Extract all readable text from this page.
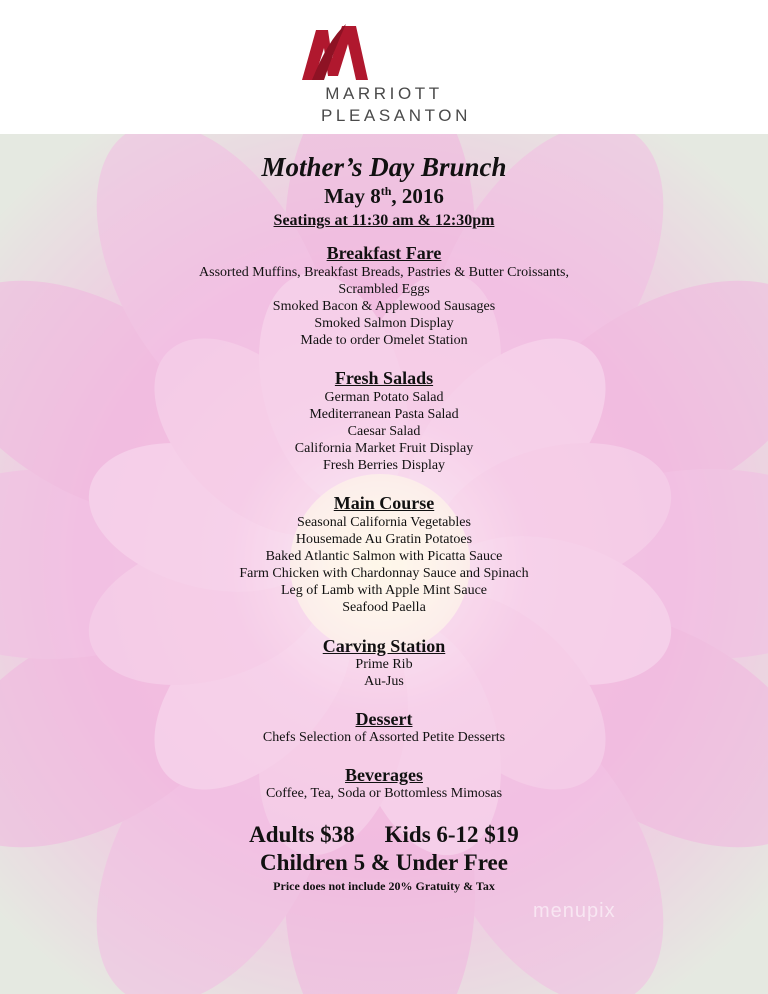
MARRIOTT
PLEASANTON
Mother’s Day Brunch
May 8th, 2016
Seatings at 11:30 am & 12:30pm
Breakfast Fare
Assorted Muffins, Breakfast Breads, Pastries & Butter Croissants,
Scrambled Eggs
Smoked Bacon & Applewood Sausages
Smoked Salmon Display
Made to order Omelet Station
Fresh Salads
German Potato Salad
Mediterranean Pasta Salad
Caesar Salad
California Market Fruit Display
Fresh Berries Display
Main Course
Seasonal California Vegetables
Housemade Au Gratin Potatoes
Baked Atlantic Salmon with Picatta Sauce
Farm Chicken with Chardonnay Sauce and Spinach
Leg of Lamb with Apple Mint Sauce
Seafood Paella
Carving Station
Prime Rib
Au-Jus
Dessert
Chefs Selection of Assorted Petite Desserts
Beverages
Coffee, Tea, Soda or Bottomless Mimosas
Adults $38 Kids 6-12 $19
Children 5 & Under Free
Price does not include 20% Gratuity & Tax
menupix
